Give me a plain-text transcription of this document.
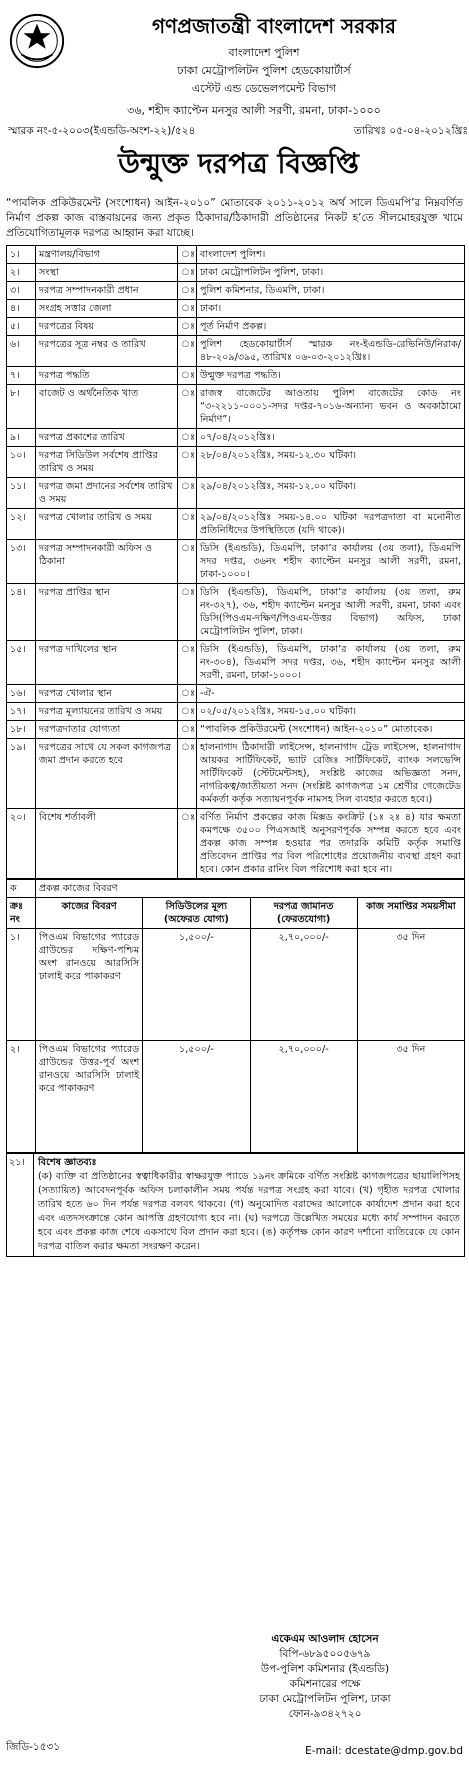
গণপ্রজাতন্ত্রী বাংলাদেশ সরকার
বাংলাদেশ পুলিশ
ঢাকা মেট্রোপলিটন পুলিশ হেডকোয়ার্টার্স
এস্টেট এন্ড ডেভেলপমেন্ট বিভাগ
৩৬, শহীদ ক্যাপ্টেন মনসুর আলী সরণী, রমনা, ঢাকা-১০০০
স্মারক নং-৫-২০০৩(ইএন্ডডি-অংশ-২২)/৫২৪	তারিখঃ ০৫-০৪-২০১২খ্রিঃ
উন্মুক্ত দরপত্র বিজ্ঞপ্তি
“পাবলিক প্রকিউরমেন্ট (সংশোধন) আইন-২০১০” মোতাবেক ২০১১-২০১২ অর্থ সালে ডিএমপি’র নিম্নবর্ণিত নির্মাণ প্রকল্প কাজ বাস্তবায়নের জন্য প্রকৃত ঠিকাদার/ঠিকাদারী প্রতিষ্ঠানের নিকট হ’তে সীলমোহরযুক্ত খামে প্রতিযোগিতামূলক দরপত্র আহ্বান করা যাচ্ছে।
১।	মন্ত্রণালয়/বিভাগ	ঃ	বাংলাদেশ পুলিশ।
২।	সংস্থা	ঃ	ঢাকা মেট্রোপলিটন পুলিশ, ঢাকা।
৩।	দরপত্র সম্পাদনকারী প্রধান	ঃ	পুলিশ কমিশনার, ডিএমপি, ঢাকা।
৪।	সংগ্রহ সত্তার জেলা	ঃ	ঢাকা।
৫।	দরপত্রের বিষয়	ঃ	পূর্ত নির্মাণ প্রকল্প।
৬।	দরপত্রের সূত্র নম্বর ও তারিখ	ঃ	পুলিশ হেডকোয়ার্টার্স স্মারক নং-ইএন্ডডি-রেভিনিউ/নিরাক/৪৮-২০৯/৩৯৫, তারিখঃ ০৬-০৩-২০১২খ্রিঃ।
৭।	দরপত্র পদ্ধতি	ঃ	উন্মুক্ত দরপত্র পদ্ধতি।
৮।	বাজেট ও অর্থনৈতিক খাত	ঃ	রাজস্ব বাজেটের আওতায় পুলিশ বাজেটের কোড নং “৩-২২১১-০০০১-সদর দপ্তর-৭০১৬-অন্যান্য ভবন ও অবকাঠামো নির্মাণ”।
৯।	দরপত্র প্রকাশের তারিখ	ঃ	০৭/০৪/২০১২খ্রিঃ।
১০।	দরপত্র সিডিউল সর্বশেষ প্রাপ্তির তারিখ ও সময়	ঃ	২৮/০৪/২০১২খ্রিঃ, সময়-১২.৩০ ঘটিকা।
১১।	দরপত্র জমা প্রদানের সর্বশেষ তারিখ ও সময়	ঃ	২৯/০৪/২০১২খ্রিঃ, সময়-১২.০০ ঘটিকা।
১২।	দরপত্র খোলার তারিখ ও সময়	ঃ	২৯/০৪/২০১২খ্রিঃ সময়-১৪.০০ ঘটিকা দরপত্রদাতা বা মনোনীত প্রতিনিধিদের উপস্থিতিতে (যদি থাকে)।
১৩।	দরপত্র সম্পাদনকারী অফিস ও ঠিকানা	ঃ	ডিসি (ইএন্ডডি), ডিএমপি, ঢাকা’র কার্যালয় (৩য় তলা), ডিএমপি সদর দপ্তর, ৩৬নং শহীদ ক্যাপ্টেন মনসুর আলী সরণী, রমনা, ঢাকা-১০০০।
১৪।	দরপত্র প্রাপ্তির স্থান	ঃ	ডিসি (ইএন্ডডি), ডিএমপি, ঢাকা’র কার্যালয় (৩য় তলা, রুম নং-৩২৭), ৩৬, শহীদ ক্যাপ্টেন মনসুর আলী সরণী, রমনা, ঢাকা এবং ডিসি(পিওএম-দক্ষিণ/পিওএম-উত্তর বিভাগ) অফিস, ঢাকা মেট্রোপলিটন পুলিশ, ঢাকা।
১৫।	দরপত্র দাখিলের স্থান	ঃ	ডিসি (ইএন্ডডি), ডিএমপি, ঢাকা’র কার্যালয় (৩য় তলা, রুম নং-৩০৪), ডিএমপি সদর দপ্তর, ৩৬, শহীদ ক্যাপ্টেন মনসুর আলী সরণী, রমনা, ঢাকা-১০০০।
১৬।	দরপত্র খোলার স্থান	ঃ	-ঐ-
১৭।	দরপত্র মূল্যায়নের তারিখ ও সময়	ঃ	০২/০৫/২০১২খ্রিঃ, সময়-১৫.০০ ঘটিকা।
১৮।	দরপত্রদাতার যোগ্যতা	ঃ	“পাবলিক প্রকিউরমেন্ট (সংশোধন) আইন-২০১০” মোতাবেক।
১৯।	দরপত্রের সাথে যে সকল কাগজপত্র জমা প্রদান করতে হবে	ঃ	হালনাগাদ ঠিকাদারী লাইসেন্স, হালনাগাদ ট্রেড লাইসেন্স, হালনাগাদ আয়কর সার্টিফিকেট, ভ্যাট রেজিঃ সার্টিফিকেট, ব্যাংক সলভেন্সি সার্টিফিকেট (স্টেটমেন্টসহ), সংশ্লিষ্ট কাজের অভিজ্ঞতা সনদ, নাগরিকত্ব/জাতীয়তা সনদ (সংশ্লিষ্ট কাগজপত্র ১ম শ্রেণীর গেজেটেড কর্মকর্তা কর্তৃক সত্যায়নপূর্বক নামসহ সিল ব্যবহার করতে হবে।)
২০।	বিশেষ শর্তাবলী	ঃ	বর্ণিত নির্মাণ প্রকল্পের কাজ মিক্সড কংক্রিট (১ঃ ২ঃ ৪) যার ক্ষমতা কমপক্ষে ৩৫০০ পিএসআই অনুসরণপূর্বক সম্পন্ন করতে হবে এবং প্রকল্প কাজ সম্পন্ন হওয়ার পর তদারকি কমিটি কর্তৃক সমাপ্তি প্রতিবেদন প্রাপ্তির পর বিল পরিশোধের প্রয়োজনীয় ব্যবস্থা গ্রহণ করা হবে। কোন প্রকার রানিং বিল পরিশোধ করা হবে না।
ক	প্রকল্প কাজের বিবরণ			
ক্রঃ নং	কাজের বিবরণ	সিডিউলের মূল্য (অফেরত যোগ্য)	দরপত্র জামানত (ফেরতযোগ্য)	কাজ সমাপ্তির সময়সীমা
১।	পিওএম বিভাগের প্যারেড গ্রাউন্ডের দক্ষিণ-পশ্চিম অংশ রানওয়ে আরসিসি ঢালাই করে পাকাকরণ	১,৫০০/-	২,৭০,০০০/-	৩৫ দিন
২।	পিওএম বিভাগের প্যারেড গ্রাউন্ডের উত্তর-পূর্ব অংশ রানওয়ে আরসিসি ঢালাই করে পাকাকরণ	১,৫০০/-	২,৭০,০০০/-	৩৫ দিন
২১।	বিশেষ জ্ঞাতব্যঃ
(ক) ব্যক্তি বা প্রতিষ্ঠানের স্বত্বাধিকারীর স্বাক্ষরযুক্ত প্যাডে ১৯নং ক্রমিকে বর্ণিত সংশ্লিষ্ট কাগজপত্রের ছায়ালিপিসহ (সত্যায়িত) আবেদনপূর্বক অফিস চলাকালীন সময় পর্যন্ত দরপত্র সংগ্রহ করা যাবে। (খ) গৃহীত দরপত্র খোলার তারিখ হতে ৬০ দিন পর্যন্ত দরপত্র বলবৎ থাকবে। (গ) অনুমোদিত বরাদ্দের আলোকে কার্যাদেশ প্রদান করা হবে এবং এতদসংক্রান্তে কোন আপত্তি গ্রহণযোগ্য হবে না। (ঘ) দরপত্রে উল্লেখিত সময়ের মধ্যে কার্য সম্পাদন করতে হবে এবং প্রকল্প কাজ শেষে একসাথে বিল প্রদান করা হবে। (ঙ) কর্তৃপক্ষ কোন কারণ দর্শানো ব্যতিরেকে যে কোন দরপত্র বাতিল করার ক্ষমতা সংরক্ষণ করেন।
একেএম আওলাদ হোসেন
বিপি-৬৮৯৫০০৫৬৭৯
উপ-পুলিশ কমিশনার (ইএন্ডডি)
কমিশনারের পক্ষে
ঢাকা মেট্রোপলিটন পুলিশ, ঢাকা
ফোন-৯৩৪২৭২০
জিডি-১৫৩১	E-mail: dcestate@dmp.gov.bd
